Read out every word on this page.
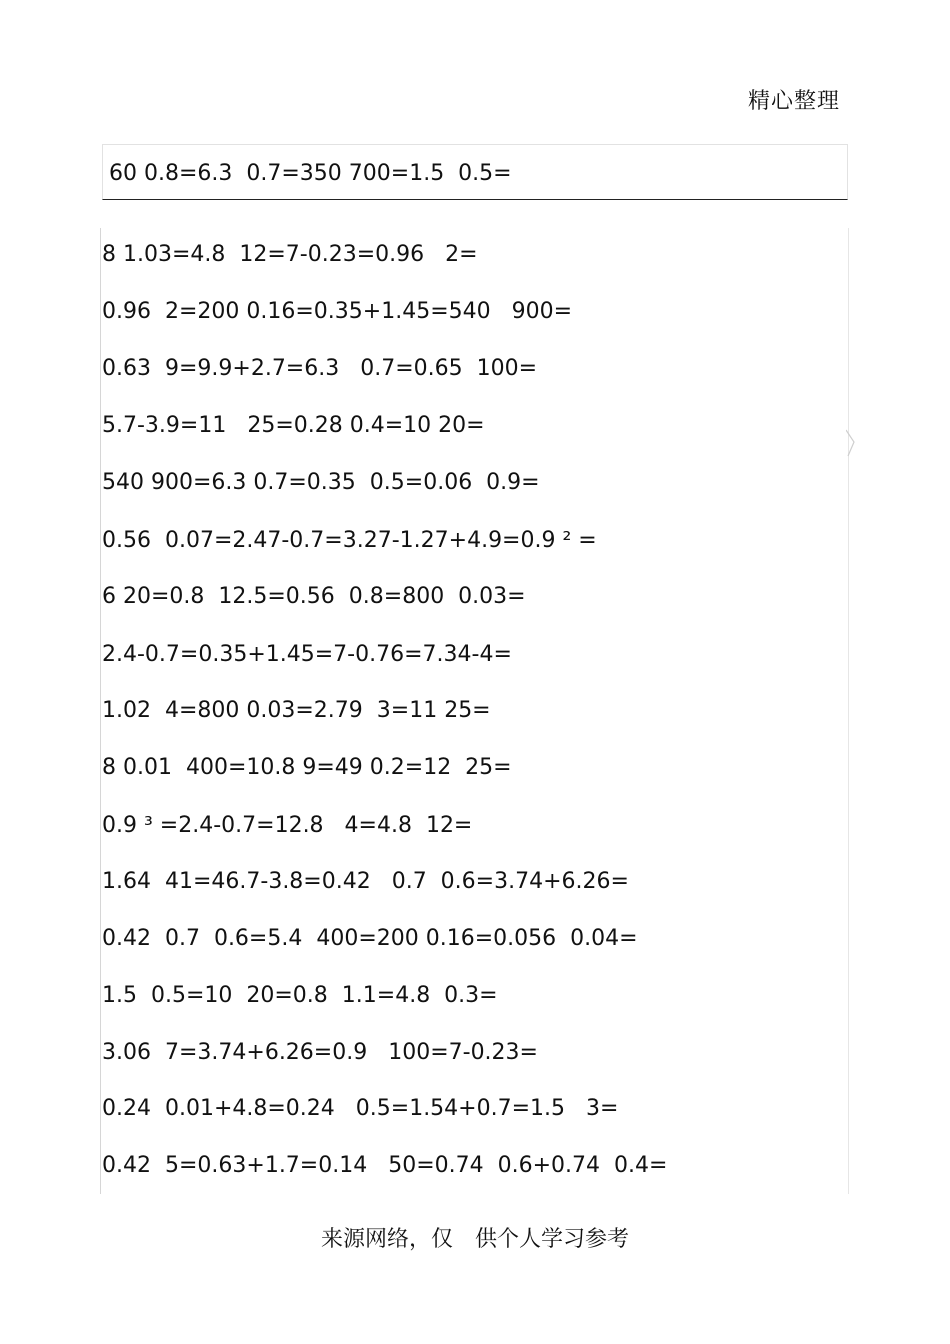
精心整理
60 0.8=6.3  0.7=350 700=1.5  0.5=
8 1.03=4.8  12=7-0.23=0.96   2=
0.96  2=200 0.16=0.35+1.45=540   900=
0.63  9=9.9+2.7=6.3   0.7=0.65  100=
5.7-3.9=11   25=0.28 0.4=10 20=
540 900=6.3 0.7=0.35  0.5=0.06  0.9=
0.56  0.07=2.47-0.7=3.27-1.27+4.9=0.9 ² =
6 20=0.8  12.5=0.56  0.8=800  0.03=
2.4-0.7=0.35+1.45=7-0.76=7.34-4=
1.02  4=800 0.03=2.79  3=11 25=
8 0.01  400=10.8 9=49 0.2=12  25=
0.9 ³ =2.4-0.7=12.8   4=4.8  12=
1.64  41=46.7-3.8=0.42   0.7  0.6=3.74+6.26=
0.42  0.7  0.6=5.4  400=200 0.16=0.056  0.04=
1.5  0.5=10  20=0.8  1.1=4.8  0.3=
3.06  7=3.74+6.26=0.9   100=7-0.23=
0.24  0.01+4.8=0.24   0.5=1.54+0.7=1.5   3=
0.42  5=0.63+1.7=0.14   50=0.74  0.6+0.74  0.4=
来源网络，仅　供个人学习参考
